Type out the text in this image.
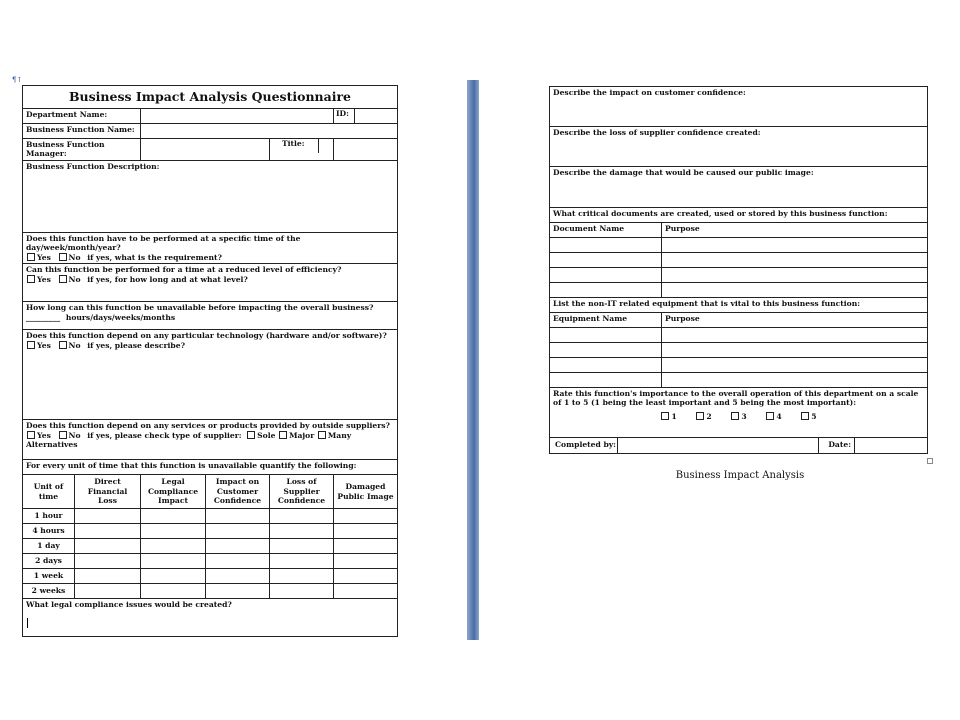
¶↑
Business Impact Analysis Questionnaire					
Department Name:					ID:

Business Function Name:					
Business Function Manager:				Title:	

Business Function Description:					

Does this function have to be performed at a specific time of the day/week/month/year?
Yes No if yes, what is the requirement?					

Can this function be performed for a time at a reduced level of efficiency?
Yes No if yes, for how long and at what level?					

How long can this function be unavailable before impacting the overall business?
_________ hours/days/weeks/months					

Does this function depend on any particular technology (hardware and/or software)?
Yes No if yes, please describe?					

Does this function depend on any services or products provided by outside suppliers?
Yes No if yes, please check type of supplier: Sole Major Many Alternatives					

For every unit of time that this function is unavailable quantify the following:					
Unit of time	Direct Financial Loss	Legal Compliance Impact	Impact on Customer Confidence	Loss of Supplier Confidence	Damaged Public Image
1 hour					
4 hours					
1 day					
2 days					
1 week					
2 weeks					

What legal compliance issues would be created?					
Describe the impact on customer confidence:	
Describe the loss of supplier confidence created:	
Describe the damage that would be caused our public image:	
What critical documents are created, used or stored by this business function:	
Document Name	Purpose

List the non-IT related equipment that is vital to this business function:	
Equipment Name	Purpose

Rate this function's importance to the overall operation of this department on a scale of 1 to 5 (1 being the least important and 5 being the most important):
1 2 3 4 5	

Completed by: Date:	
Business Impact Analysis
